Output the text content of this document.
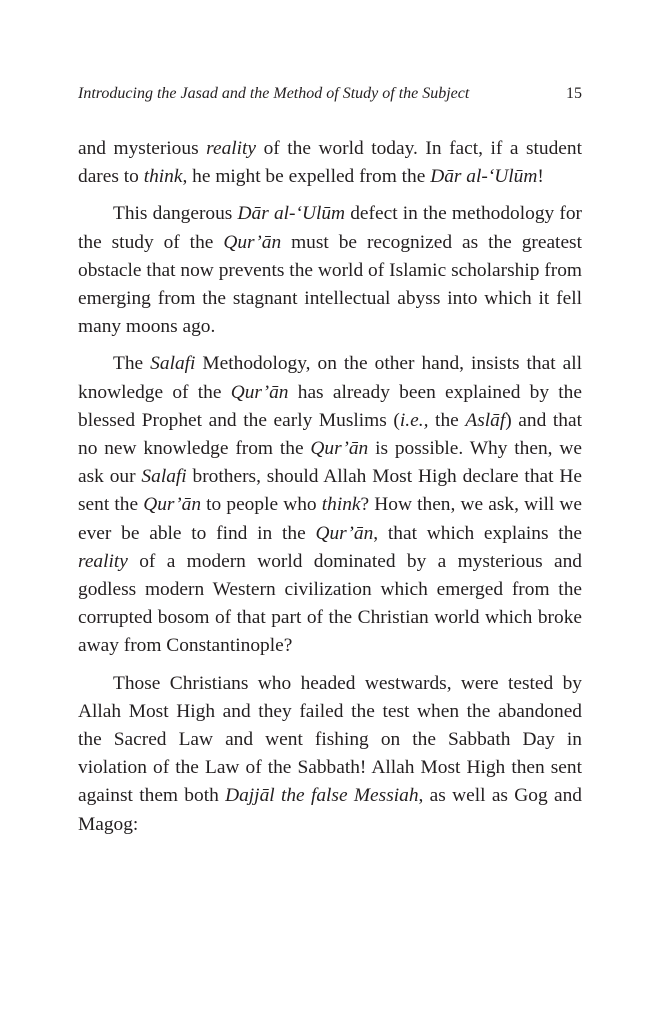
Introducing the Jasad and the Method of Study of the Subject	15

and mysterious reality of the world today. In fact, if a student dares to think, he might be expelled from the Dār al-‘Ulūm!

This dangerous Dār al-‘Ulūm defect in the methodology for the study of the Qur’ān must be recognized as the greatest obstacle that now prevents the world of Islamic scholarship from emerging from the stagnant intellectual abyss into which it fell many moons ago.

The Salafi Methodology, on the other hand, insists that all knowledge of the Qur’ān has already been explained by the blessed Prophet and the early Muslims (i.e., the Aslāf) and that no new knowledge from the Qur’ān is possible. Why then, we ask our Salafi brothers, should Allah Most High declare that He sent the Qur’ān to people who think? How then, we ask, will we ever be able to find in the Qur’ān, that which explains the reality of a modern world dominated by a mysterious and godless modern Western civilization which emerged from the corrupted bosom of that part of the Christian world which broke away from Constantinople?

Those Christians who headed westwards, were tested by Allah Most High and they failed the test when the abandoned the Sacred Law and went fishing on the Sabbath Day in violation of the Law of the Sabbath! Allah Most High then sent against them both Dajjāl the false Messiah, as well as Gog and Magog:
